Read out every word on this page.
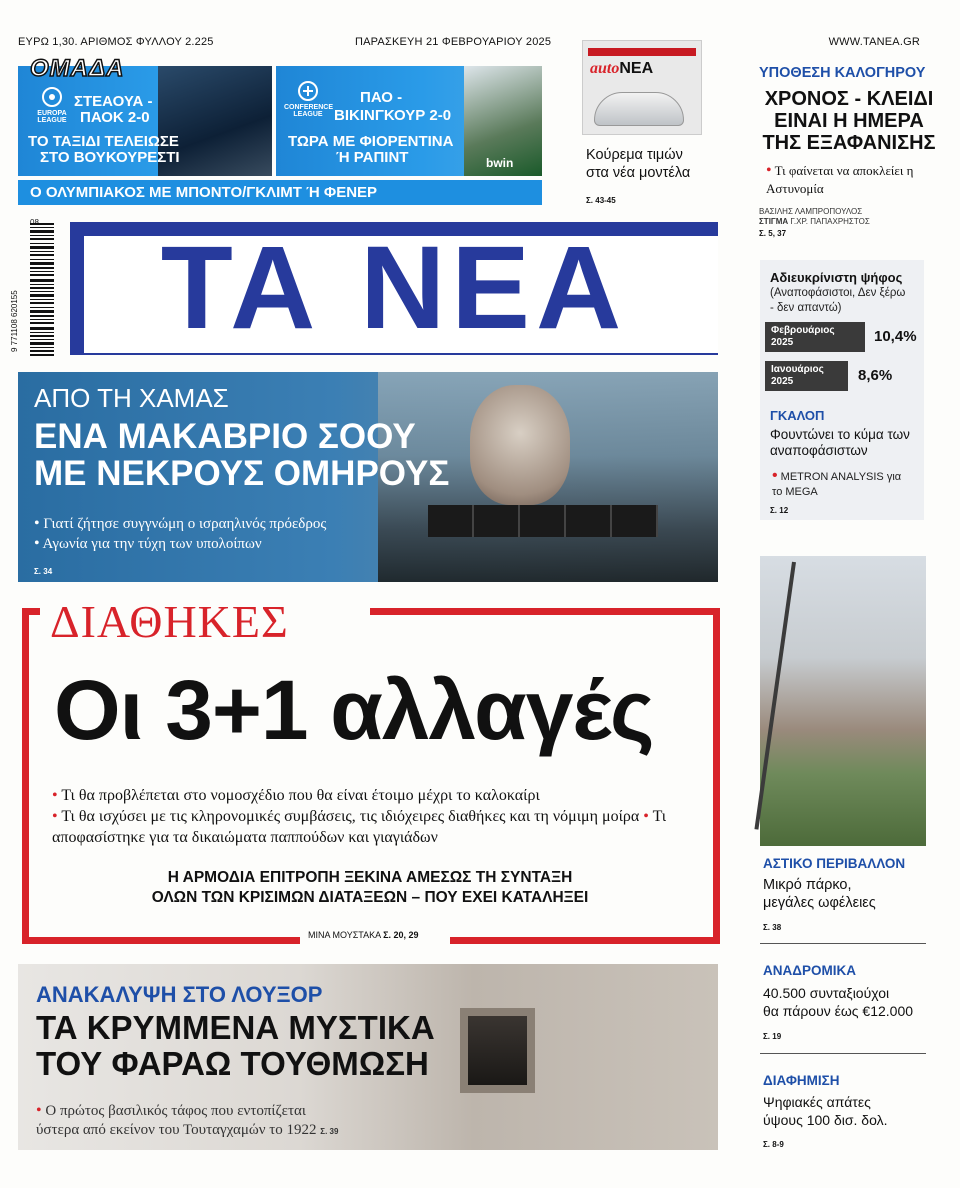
ΕΥΡΩ 1,30. ΑΡΙΘΜΟΣ ΦΥΛΛΟΥ 2.225	ΠΑΡΑΣΚΕΥΗ 21 ΦΕΒΡΟΥΑΡΙΟΥ 2025	WWW.TANEA.GR
EUROPA LEAGUE
ΣΤΕΑΟΥΑ -
ΠΑΟΚ 2-0
ΤΟ ΤΑΞΙΔΙ ΤΕΛΕΙΩΣΕ
ΣΤΟ ΒΟΥΚΟΥΡΕΣΤΙ
CONFERENCE LEAGUE
ΠΑΟ -
ΒΙΚΙΝΓΚΟΥΡ 2-0
ΤΩΡΑ ΜΕ ΦΙΟΡΕΝΤΙΝΑ
Ή ΡΑΠΙΝΤ	bwin
ΟΜΑΔΑ
Ο ΟΛΥΜΠΙΑΚΟΣ ΜΕ ΜΠΟΝΤΟ/ΓΚΛΙΜΤ Ή ΦΕΝΕΡ
autoΝΕΑ
Κούρεμα τιμών στα νέα μοντέλα
Σ. 43-45
ΥΠΟΘΕΣΗ ΚΑΛΟΓΗΡΟΥ
ΧΡΟΝΟΣ - ΚΛΕΙΔΙ ΕΙΝΑΙ Η ΗΜΕΡΑ ΤΗΣ ΕΞΑΦΑΝΙΣΗΣ
• Τι φαίνεται να αποκλείει η Αστυνομία
ΒΑΣΙΛΗΣ ΛΑΜΠΡΟΠΟΥΛΟΣ
ΣΤΙΓΜΑ Γ.ΧΡ. ΠΑΠΑΧΡΗΣΤΟΣ
Σ. 5, 37
9 771108 620155
08	ΤΑ ΝΕΑ	Αδιευκρίνιστη ψήφος
(Αναποφάσιστοι, Δεν ξέρω - δεν απαντώ)
Φεβρουάριος 2025	10,4%
Ιανουάριος 2025	8,6%
ΓΚΑΛΟΠ
Φουντώνει το κύμα των αναποφάσιστων
• METRON ANALYSIS για το MEGA
Σ. 12
ΑΠΟ ΤΗ ΧΑΜΑΣ
ΕΝΑ ΜΑΚΑΒΡΙΟ ΣΟΟΥ
ΜΕ ΝΕΚΡΟΥΣ ΟΜΗΡΟΥΣ
• Γιατί ζήτησε συγγνώμη ο ισραηλινός πρόεδρος
• Αγωνία για την τύχη των υπολοίπων
Σ. 34
ΔΙΑΘΗΚΕΣ
Οι 3+1 αλλαγές
• Τι θα προβλέπεται στο νομοσχέδιο που θα είναι έτοιμο μέχρι το καλοκαίρι
• Τι θα ισχύσει με τις κληρονομικές συμβάσεις, τις ιδιόχειρες διαθήκες και τη νόμιμη μοίρα • Τι αποφασίστηκε για τα δικαιώματα παππούδων και γιαγιάδων
Η ΑΡΜΟΔΙΑ ΕΠΙΤΡΟΠΗ ΞΕΚΙΝΑ ΑΜΕΣΩΣ ΤΗ ΣΥΝΤΑΞΗ
ΟΛΩΝ ΤΩΝ ΚΡΙΣΙΜΩΝ ΔΙΑΤΑΞΕΩΝ – ΠΟΥ ΕΧΕΙ ΚΑΤΑΛΗΞΕΙ
ΜΙΝΑ ΜΟΥΣΤΑΚΑ Σ. 20, 29
ΑΝΑΚΑΛΥΨΗ ΣΤΟ ΛΟΥΞΟΡ
ΤΑ ΚΡΥΜΜΕΝΑ ΜΥΣΤΙΚΑ
ΤΟΥ ΦΑΡΑΩ ΤΟΥΘΜΩΣΗ
• Ο πρώτος βασιλικός τάφος που εντοπίζεται
ύστερα από εκείνον του Τουταγχαμών το 1922 Σ. 39
ΑΣΤΙΚΟ ΠΕΡΙΒΑΛΛΟΝ
Μικρό πάρκο,
μεγάλες ωφέλειες
Σ. 38
ΑΝΑΔΡΟΜΙΚΑ
40.500 συνταξιούχοι
θα πάρουν έως €12.000
Σ. 19
ΔΙΑΦΗΜΙΣΗ
Ψηφιακές απάτες
ύψους 100 δισ. δολ.
Σ. 8-9
